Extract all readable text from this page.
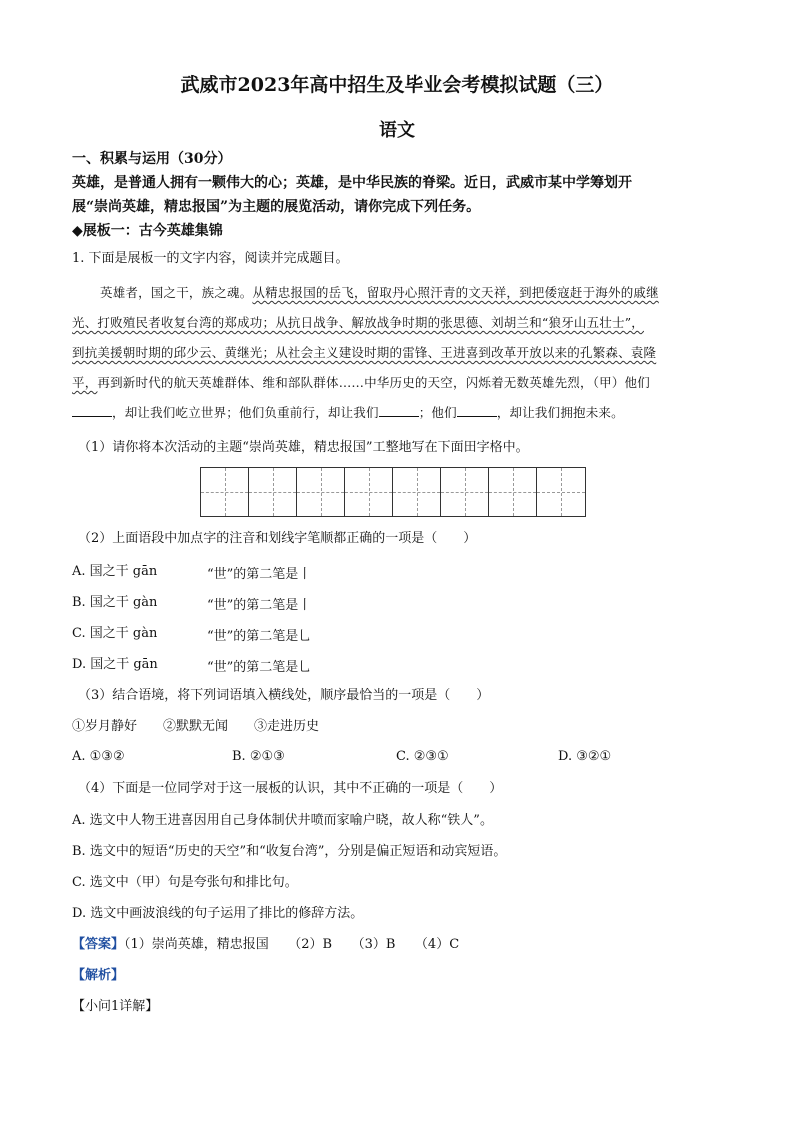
武威市2023年高中招生及毕业会考模拟试题（三）
语文
一、积累与运用（30分）
英雄，是普通人拥有一颗伟大的心；英雄，是中华民族的脊梁。近日，武威市某中学筹划开
展“崇尚英雄，精忠报国”为主题的展览活动，请你完成下列任务。
◆展板一：古今英雄集锦
1. 下面是展板一的文字内容，阅读并完成题目。
英雄者，国之干，族之魂。从精忠报国的岳飞，留取丹心照汗青的文天祥，到把倭寇赶于海外的戚继
光、打败殖民者收复台湾的郑成功；从抗日战争、解放战争时期的张思德、刘胡兰和“狼牙山五壮士”，
到抗美援朝时期的邱少云、黄继光；从社会主义建设时期的雷锋、王进喜到改革开放以来的孔繁森、袁隆
平，再到新时代的航天英雄群体、维和部队群体……中华历史的天空，闪烁着无数英雄先烈，（甲）他们
，却让我们屹立世界；他们负重前行，却让我们	；他们	，却让我们拥抱未来。
（1）请你将本次活动的主题“崇尚英雄，精忠报国”工整地写在下面田字格中。
（2）上面语段中加点字的注音和划线字笔顺都正确的一项是（　　）
A. 国之干 gān	“世”的第二笔是丨
B. 国之干 gàn	“世”的第二笔是丨
C. 国之干 gàn	“世”的第二笔是乚
D. 国之干 gān	“世”的第二笔是乚
（3）结合语境，将下列词语填入横线处，顺序最恰当的一项是（　　）
①岁月静好　　②默默无闻　　③走进历史
A. ①③②	B. ②①③	C. ②③①	D. ③②①
（4）下面是一位同学对于这一展板的认识，其中不正确的一项是（　　）
A. 选文中人物王进喜因用自己身体制伏井喷而家喻户晓，故人称“铁人”。
B. 选文中的短语“历史的天空”和“收复台湾”，分别是偏正短语和动宾短语。
C. 选文中（甲）句是夸张句和排比句。
D. 选文中画波浪线的句子运用了排比的修辞方法。
【答案】（1）崇尚英雄，精忠报国　　（2）B　　（3）B　　（4）C
【解析】
【小问1详解】
